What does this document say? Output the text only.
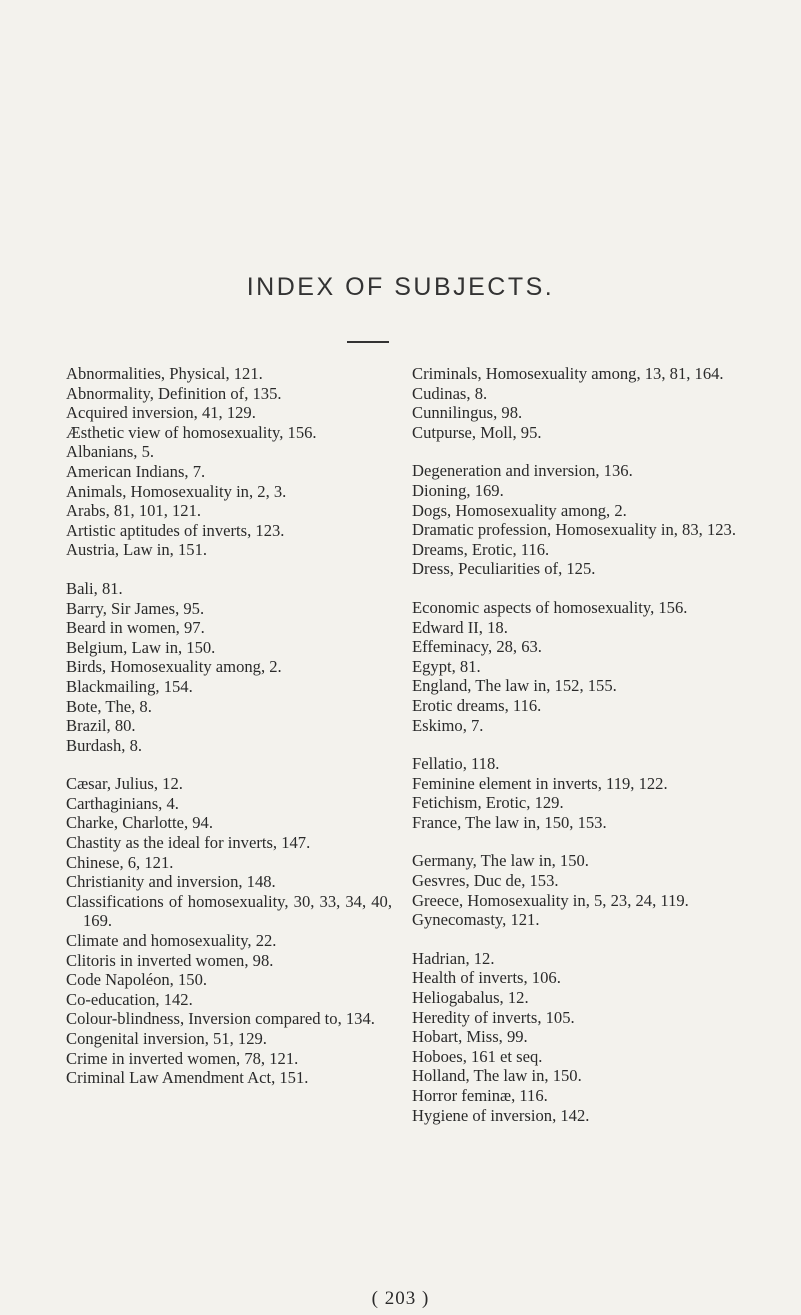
INDEX OF SUBJECTS.
Abnormalities, Physical, 121.
Abnormality, Definition of, 135.
Acquired inversion, 41, 129.
Æsthetic view of homosexuality, 156.
Albanians, 5.
American Indians, 7.
Animals, Homosexuality in, 2, 3.
Arabs, 81, 101, 121.
Artistic aptitudes of inverts, 123.
Austria, Law in, 151.
Bali, 81.
Barry, Sir James, 95.
Beard in women, 97.
Belgium, Law in, 150.
Birds, Homosexuality among, 2.
Blackmailing, 154.
Bote, The, 8.
Brazil, 80.
Burdash, 8.
Cæsar, Julius, 12.
Carthaginians, 4.
Charke, Charlotte, 94.
Chastity as the ideal for inverts, 147.
Chinese, 6, 121.
Christianity and inversion, 148.
Classifications of homosexuality, 30, 33, 34, 40, 169.
Climate and homosexuality, 22.
Clitoris in inverted women, 98.
Code Napoléon, 150.
Co-education, 142.
Colour-blindness, Inversion compared to, 134.
Congenital inversion, 51, 129.
Crime in inverted women, 78, 121.
Criminal Law Amendment Act, 151.
Criminals, Homosexuality among, 13, 81, 164.
Cudinas, 8.
Cunnilingus, 98.
Cutpurse, Moll, 95.
Degeneration and inversion, 136.
Dioning, 169.
Dogs, Homosexuality among, 2.
Dramatic profession, Homosexuality in, 83, 123.
Dreams, Erotic, 116.
Dress, Peculiarities of, 125.
Economic aspects of homosexuality, 156.
Edward II, 18.
Effeminacy, 28, 63.
Egypt, 81.
England, The law in, 152, 155.
Erotic dreams, 116.
Eskimo, 7.
Fellatio, 118.
Feminine element in inverts, 119, 122.
Fetichism, Erotic, 129.
France, The law in, 150, 153.
Germany, The law in, 150.
Gesvres, Duc de, 153.
Greece, Homosexuality in, 5, 23, 24, 119.
Gynecomasty, 121.
Hadrian, 12.
Health of inverts, 106.
Heliogabalus, 12.
Heredity of inverts, 105.
Hobart, Miss, 99.
Hoboes, 161 et seq.
Holland, The law in, 150.
Horror feminæ, 116.
Hygiene of inversion, 142.
( 203 )
